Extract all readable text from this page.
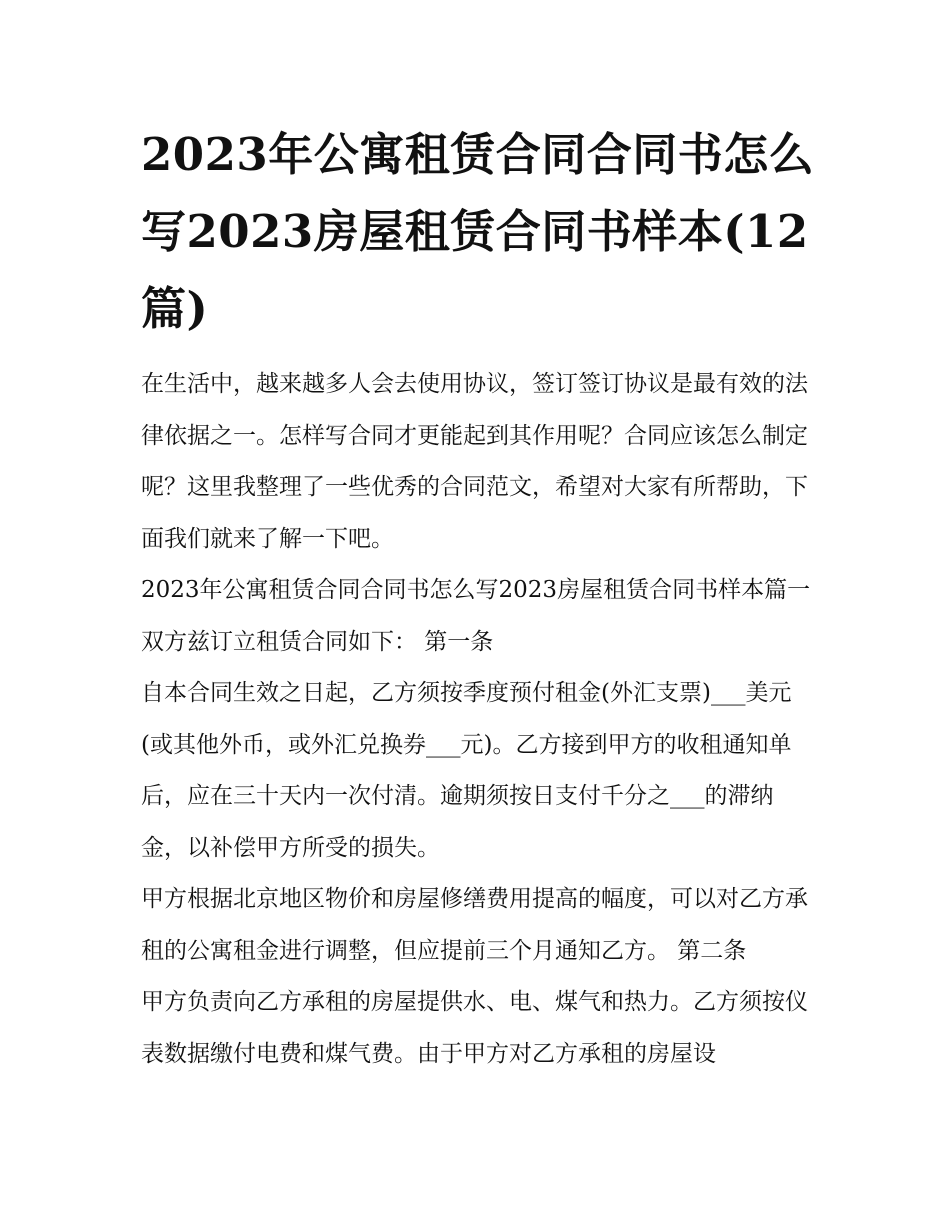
2023年公寓租赁合同合同书怎么写2023房屋租赁合同书样本(12篇)

在生活中，越来越多人会去使用协议，签订签订协议是最有效的法律依据之一。怎样写合同才更能起到其作用呢？合同应该怎么制定呢？这里我整理了一些优秀的合同范文，希望对大家有所帮助，下面我们就来了解一下吧。

2023年公寓租赁合同合同书怎么写2023房屋租赁合同书样本篇一 双方兹订立租赁合同如下： 第一条

自本合同生效之日起，乙方须按季度预付租金(外汇支票)___美元(或其他外币，或外汇兑换券___元)。乙方接到甲方的收租通知单后，应在三十天内一次付清。逾期须按日支付千分之___的滞纳金，以补偿甲方所受的损失。

甲方根据北京地区物价和房屋修缮费用提高的幅度，可以对乙方承租的公寓租金进行调整，但应提前三个月通知乙方。 第二条

甲方负责向乙方承租的房屋提供水、电、煤气和热力。乙方须按仪表数据缴付电费和煤气费。由于甲方对乙方承租的房屋设
